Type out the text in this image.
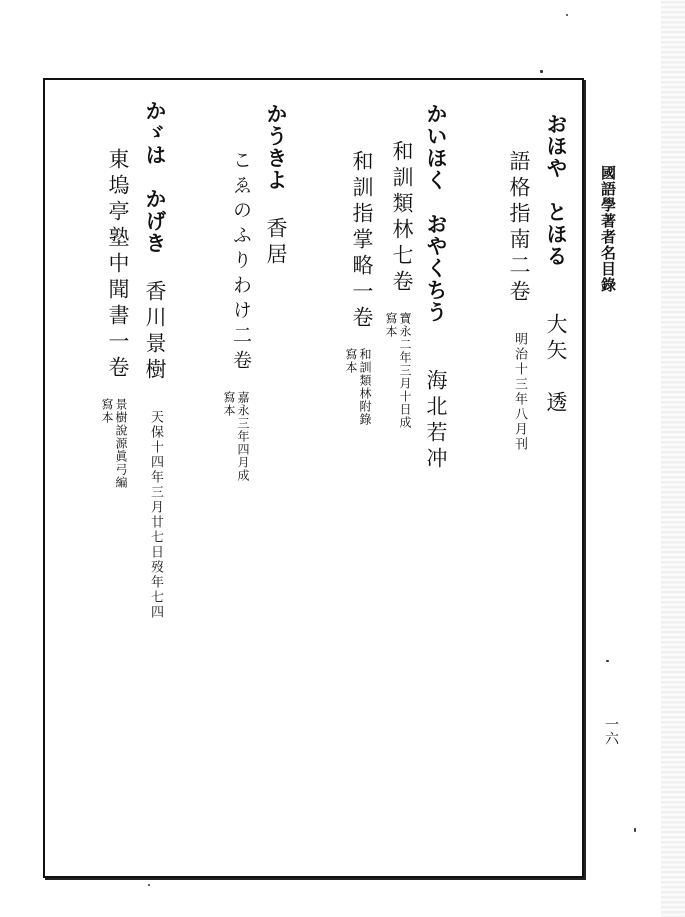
國語學著者名目錄
一六
おほや　とほる大矢　透
語格指南二卷明治十三年八月刊
かいほく　おやくちう海北若冲
和訓類林七卷寶永二年三月十日成
寫本
和訓指掌略一卷和訓類林附錄
寫本
かうきよ香居
こゑのふりわけ二卷嘉永三年四月成
寫本
かゞは　かげき香川景樹天保十四年三月廿七日歿年七四
東塢亭塾中聞書一卷景樹說源眞弓編
寫本
